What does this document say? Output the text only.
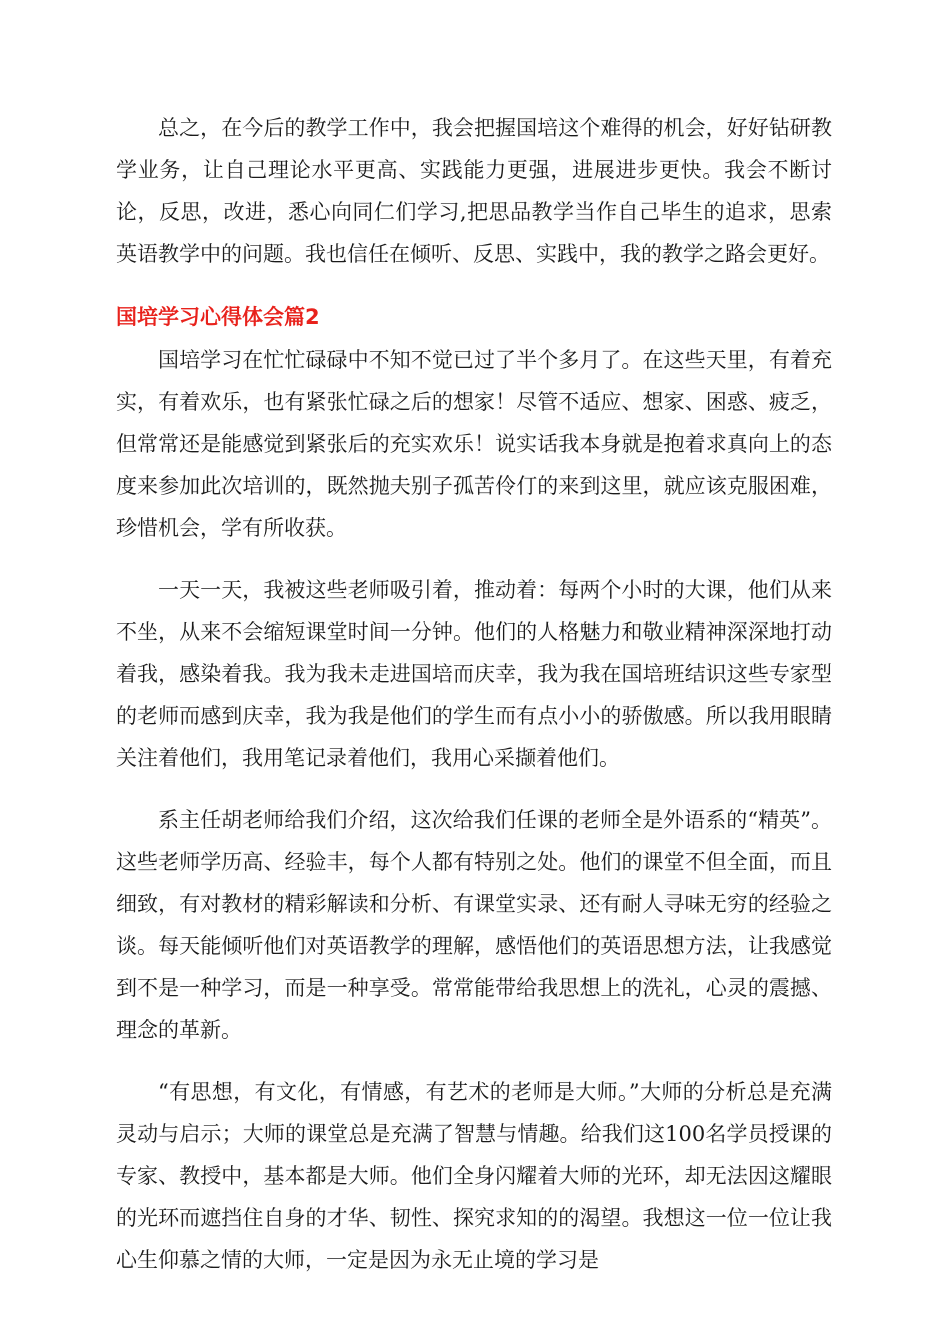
总之，在今后的教学工作中，我会把握国培这个难得的机会，好好钻研教学业务，让自己理论水平更高、实践能力更强，进展进步更快。我会不断讨论，反思，改进，悉心向同仁们学习,把思品教学当作自己毕生的追求，思索英语教学中的问题。我也信任在倾听、反思、实践中，我的教学之路会更好。

国培学习心得体会篇2

国培学习在忙忙碌碌中不知不觉已过了半个多月了。在这些天里，有着充实，有着欢乐，也有紧张忙碌之后的想家！尽管不适应、想家、困惑、疲乏，但常常还是能感觉到紧张后的充实欢乐！说实话我本身就是抱着求真向上的态度来参加此次培训的，既然抛夫别子孤苦伶仃的来到这里，就应该克服困难，珍惜机会，学有所收获。

一天一天，我被这些老师吸引着，推动着：每两个小时的大课，他们从来不坐，从来不会缩短课堂时间一分钟。他们的人格魅力和敬业精神深深地打动着我，感染着我。我为我未走进国培而庆幸，我为我在国培班结识这些专家型的老师而感到庆幸，我为我是他们的学生而有点小小的骄傲感。所以我用眼睛关注着他们，我用笔记录着他们，我用心采撷着他们。

系主任胡老师给我们介绍，这次给我们任课的老师全是外语系的“精英”。这些老师学历高、经验丰，每个人都有特别之处。他们的课堂不但全面，而且细致，有对教材的精彩解读和分析、有课堂实录、还有耐人寻味无穷的经验之谈。每天能倾听他们对英语教学的理解，感悟他们的英语思想方法，让我感觉到不是一种学习，而是一种享受。常常能带给我思想上的洗礼，心灵的震撼、理念的革新。

“有思想，有文化，有情感，有艺术的老师是大师。”大师的分析总是充满灵动与启示；大师的课堂总是充满了智慧与情趣。给我们这100名学员授课的专家、教授中，基本都是大师。他们全身闪耀着大师的光环，却无法因这耀眼的光环而遮挡住自身的才华、韧性、探究求知的的渴望。我想这一位一位让我心生仰慕之情的大师，一定是因为永无止境的学习是
